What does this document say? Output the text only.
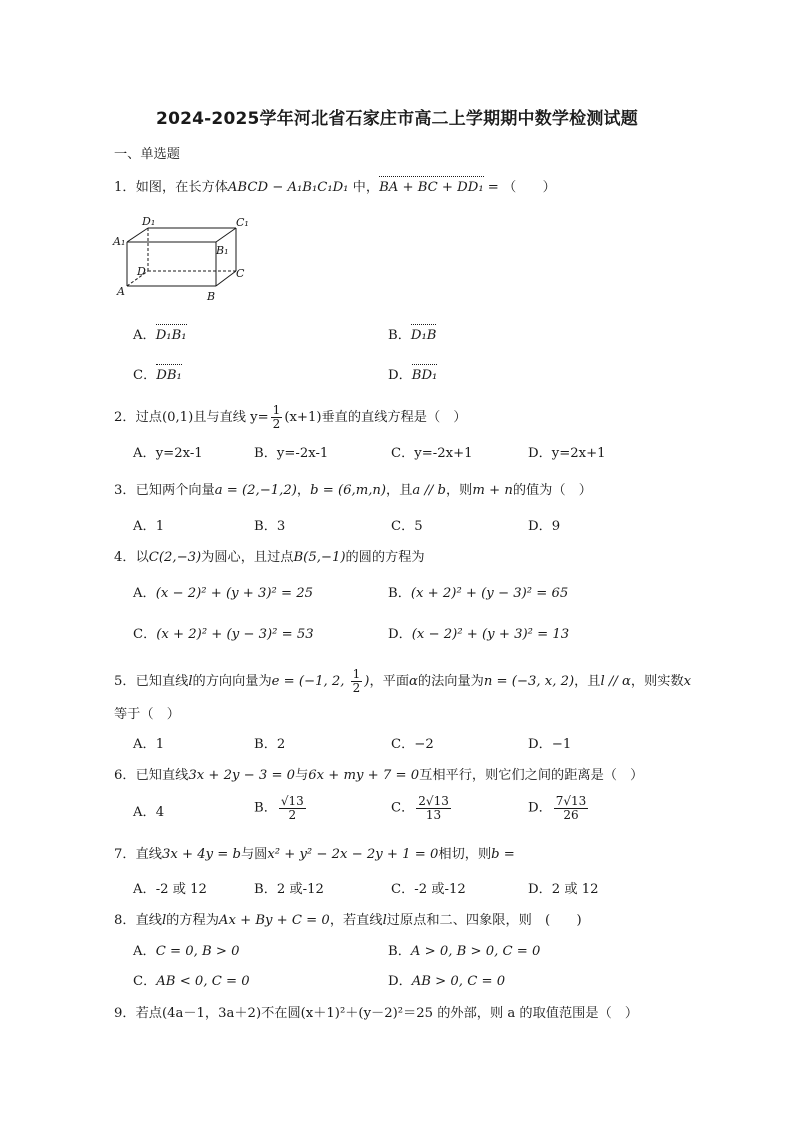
2024-2025学年河北省石家庄市高二上学期期中数学检测试题
一、单选题
1．如图，在长方体ABCD − A₁B₁C₁D₁ 中，BA + BC + DD₁ = （　　）
D₁	C₁
A₁
B₁
D	C
A	B
A．D₁B₁	B．D₁B
C．DB₁	D．BD₁
2．过点(0,1)且与直线 $y= \frac{1}{2} (x+1)$垂直的直线方程是（　）
A．y=2x-1	B．y=-2x-1	C．y=-2x+1	D．y=2x+1
3．已知两个向量a = (2,−1,2)，b = (6,m,n)，且a // b，则m + n的值为（　）
A．1	B．3	C．5	D．9
4．以C(2,−3)为圆心，且过点B(5,−1)的圆的方程为
A．(x − 2)² + (y + 3)² = 25	B．(x + 2)² + (y − 3)² = 65
C．(x + 2)² + (y − 3)² = 53	D．(x − 2)² + (y + 3)² = 13
5．已知直线l的方向向量为e = (−1, 2, $\frac{1}{2}$ )，平面α的法向量为n = (−3, x, 2)，且l // α，则实数x
等于（　）
A．1	B．2	C．−2	D．−1
6．已知直线3x + 2y − 3 = 0与6x + my + 7 = 0互相平行，则它们之间的距离是（　）
A．4	B． $\frac{√13}{2}$	C． $\frac{2√13}{13}$	D． $\frac{7√13}{26}$
7．直线3x + 4y = b与圆x² + y² − 2x − 2y + 1 = 0相切，则b =
A．-2 或 12	B．2 或-12	C．-2 或-12	D．2 或 12
8．直线l的方程为Ax + By + C = 0，若直线l过原点和二、四象限，则　(　　)
A．C = 0, B > 0	B．A > 0, B > 0, C = 0
C．AB < 0, C = 0	D．AB > 0, C = 0
9．若点(4a－1，3a＋2)不在圆(x＋1)²＋(y－2)²＝25 的外部，则 a 的取值范围是（　）
